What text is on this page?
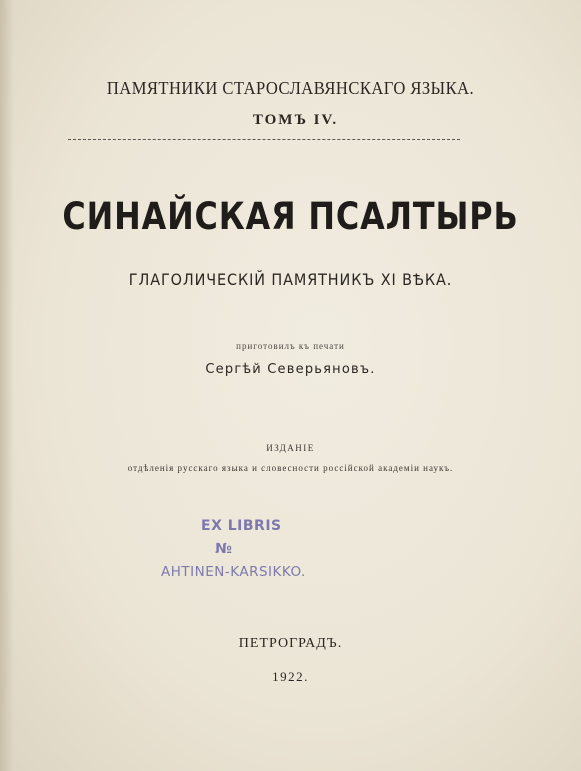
ПАМЯТНИКИ СТАРОСЛАВЯНСКАГО ЯЗЫКА.
ТОМЪ IV.
СИНАЙСКАЯ ПСАЛТЫРЬ
ГЛАГОЛИЧЕСКІЙ ПАМЯТНИКЪ XI ВѢКА.
приготовилъ къ печати
Сергѣй Северьяновъ.
ИЗДАНІЕ
отдѣленія русскаго языка и словесности россійской академіи наукъ.
EX LIBRIS
№
AHTINEN-KARSIKKO.
ПЕТРОГРАДЪ.
1922.
